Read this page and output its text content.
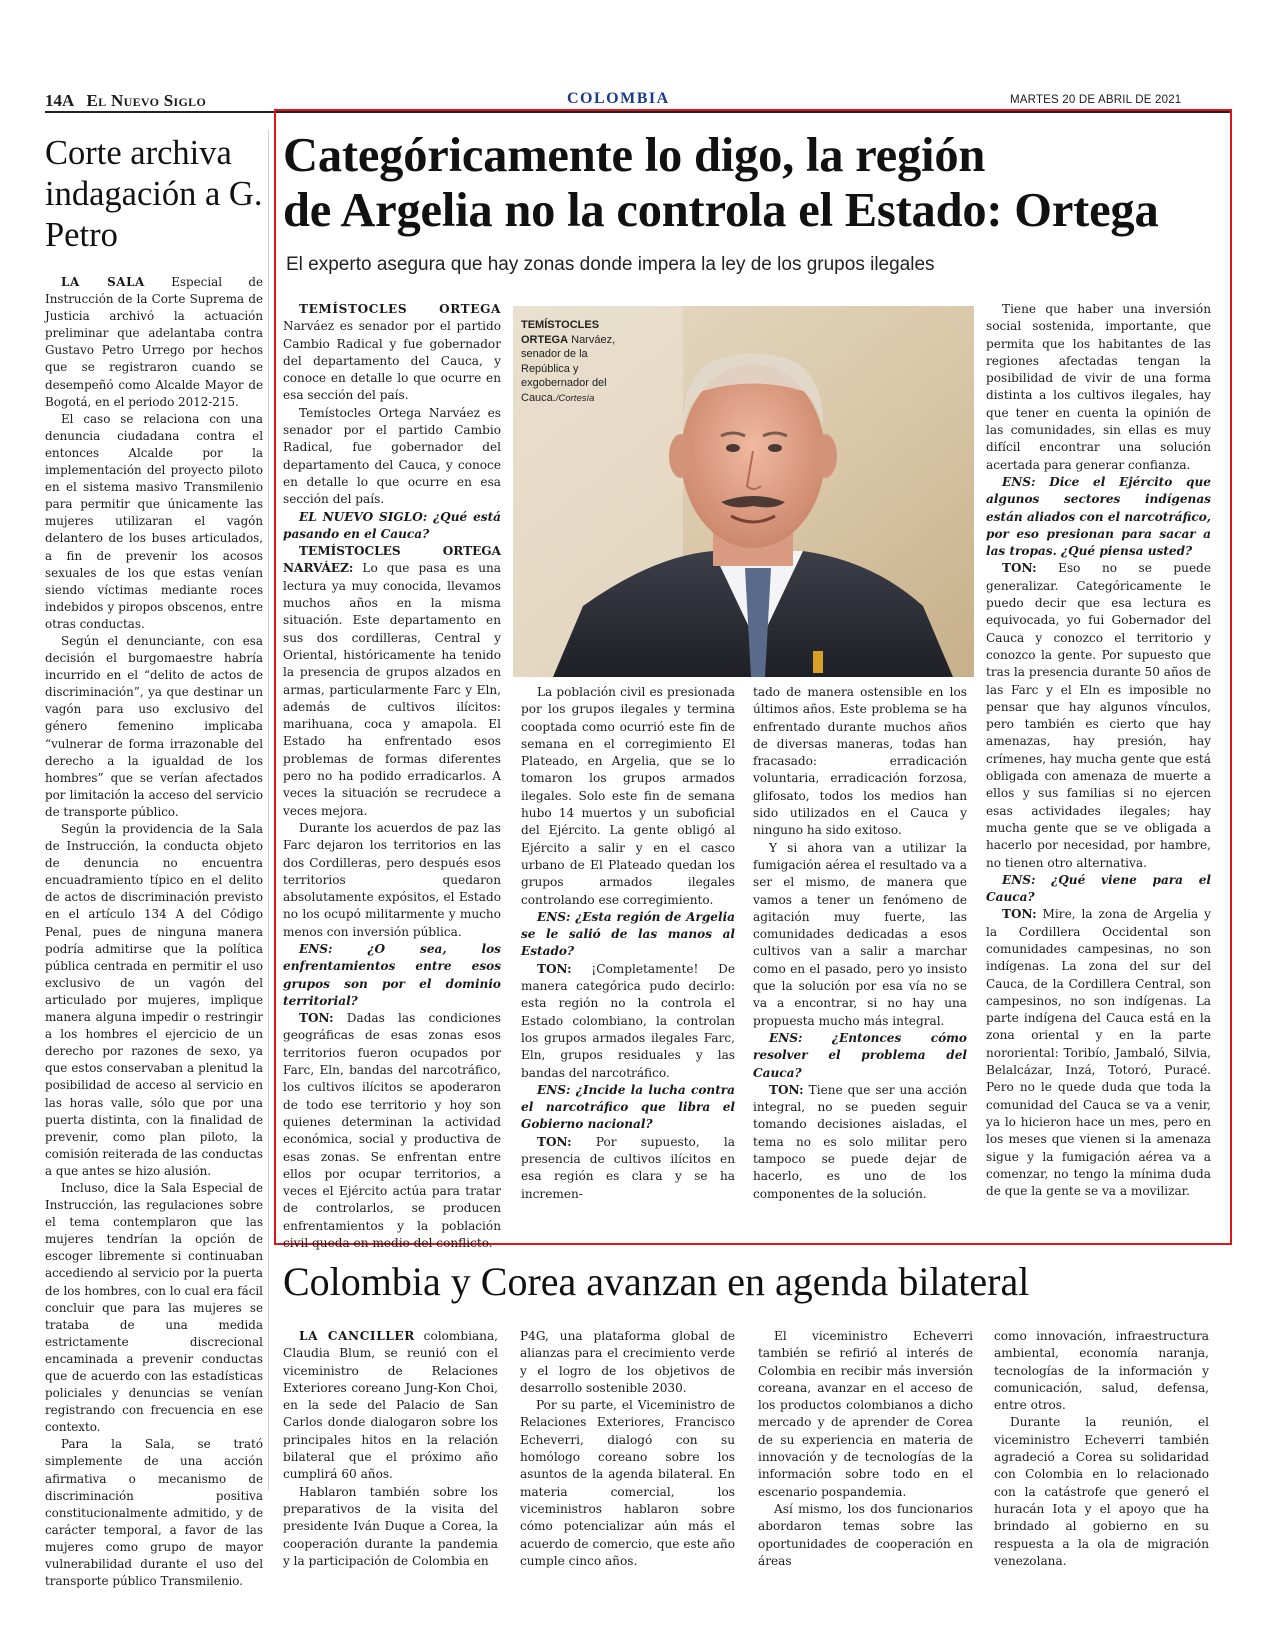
14A El Nuevo Siglo	COLOMBIA	MARTES 20 DE ABRIL DE 2021
Corte archiva indagación a G. Petro

LA SALA Especial de Instrucción de la Corte Suprema de Justicia archivó la actuación preliminar que adelantaba contra Gustavo Petro Urrego por hechos que se registraron cuando se desempeñó como Alcalde Mayor de Bogotá, en el periodo 2012-215.

El caso se relaciona con una denuncia ciudadana contra el entonces Alcalde por la implementación del proyecto piloto en el sistema masivo Transmilenio para permitir que únicamente las mujeres utilizaran el vagón delantero de los buses articulados, a fin de prevenir los acosos sexuales de los que estas venían siendo víctimas mediante roces indebidos y piropos obscenos, entre otras conductas.

Según el denunciante, con esa decisión el burgomaestre habría incurrido en el “delito de actos de discriminación”, ya que destinar un vagón para uso exclusivo del género femenino implicaba “vulnerar de forma irrazonable del derecho a la igualdad de los hombres” que se verían afectados por limitación la acceso del servicio de transporte público.

Según la providencia de la Sala de Instrucción, la conducta objeto de denuncia no encuentra encuadramiento típico en el delito de actos de discriminación previsto en el artículo 134 A del Código Penal, pues de ninguna manera podría admitirse que la política pública centrada en permitir el uso exclusivo de un vagón del articulado por mujeres, implique manera alguna impedir o restringir a los hombres el ejercicio de un derecho por razones de sexo, ya que estos conservaban a plenitud la posibilidad de acceso al servicio en las horas valle, sólo que por una puerta distinta, con la finalidad de prevenir, como plan piloto, la comisión reiterada de las conductas a que antes se hizo alusión.

Incluso, dice la Sala Especial de Instrucción, las regulaciones sobre el tema contemplaron que las mujeres tendrían la opción de escoger libremente si continuaban accediendo al servicio por la puerta de los hombres, con lo cual era fácil concluir que para las mujeres se trataba de una medida estrictamente discrecional encaminada a prevenir conductas que de acuerdo con las estadísticas policiales y denuncias se venían registrando con frecuencia en ese contexto.

Para la Sala, se trató simplemente de una acción afirmativa o mecanismo de discriminación positiva constitucionalmente admitido, y de carácter temporal, a favor de las mujeres como grupo de mayor vulnerabilidad durante el uso del transporte público Transmilenio.

Categóricamente lo digo, la región
de Argelia no la controla el Estado: Ortega
El experto asegura que hay zonas donde impera la ley de los grupos ilegales
TEMÍSTOCLES ORTEGA Narváez, senador de la República y exgobernador del Cauca./Cortesía

TEMÍSTOCLES ORTEGA Narváez es senador por el partido Cambio Radical y fue gobernador del departamento del Cauca, y conoce en detalle lo que ocurre en esa sección del país.

Temístocles Ortega Narváez es senador por el partido Cambio Radical, fue gobernador del departamento del Cauca, y conoce en detalle lo que ocurre en esa sección del país.

EL NUEVO SIGLO: ¿Qué está pasando en el Cauca?

TEMÍSTOCLES ORTEGA NARVÁEZ: Lo que pasa es una lectura ya muy conocida, llevamos muchos años en la misma situación. Este departamento en sus dos cordilleras, Central y Oriental, históricamente ha tenido la presencia de grupos alzados en armas, particularmente Farc y Eln, además de cultivos ilícitos: marihuana, coca y amapola. El Estado ha enfrentado esos problemas de formas diferentes pero no ha podido erradicarlos. A veces la situación se recrudece a veces mejora.

Durante los acuerdos de paz las Farc dejaron los territorios en las dos Cordilleras, pero después esos territorios quedaron absolutamente expósitos, el Estado no los ocupó militarmente y mucho menos con inversión pública.

ENS: ¿O sea, los enfrentamientos entre esos grupos son por el dominio territorial?

TON: Dadas las condiciones geográficas de esas zonas esos territorios fueron ocupados por Farc, Eln, bandas del narcotráfico, los cultivos ilícitos se apoderaron de todo ese territorio y hoy son quienes determinan la actividad económica, social y productiva de esas zonas. Se enfrentan entre ellos por ocupar territorios, a veces el Ejército actúa para tratar de controlarlos, se producen enfrentamientos y la población civil queda en medio del conflicto.

La población civil es presionada por los grupos ilegales y termina cooptada como ocurrió este fin de semana en el corregimiento El Plateado, en Argelia, que se lo tomaron los grupos armados ilegales. Solo este fin de semana hubo 14 muertos y un suboficial del Ejército. La gente obligó al Ejército a salir y en el casco urbano de El Plateado quedan los grupos armados ilegales controlando ese corregimiento.

ENS: ¿Esta región de Argelia se le salió de las manos al Estado?

TON: ¡Completamente! De manera categórica pudo decirlo: esta región no la controla el Estado colombiano, la controlan los grupos armados ilegales Farc, Eln, grupos residuales y las bandas del narcotráfico.

ENS: ¿Incide la lucha contra el narcotráfico que libra el Gobierno nacional?

TON: Por supuesto, la presencia de cultivos ilícitos en esa región es clara y se ha incremen-

tado de manera ostensible en los últimos años. Este problema se ha enfrentado durante muchos años de diversas maneras, todas han fracasado: erradicación voluntaria, erradicación forzosa, glifosato, todos los medios han sido utilizados en el Cauca y ninguno ha sido exitoso.

Y si ahora van a utilizar la fumigación aérea el resultado va a ser el mismo, de manera que vamos a tener un fenómeno de agitación muy fuerte, las comunidades dedicadas a esos cultivos van a salir a marchar como en el pasado, pero yo insisto que la solución por esa vía no se va a encontrar, si no hay una propuesta mucho más integral.

ENS: ¿Entonces cómo resolver el problema del Cauca?

TON: Tiene que ser una acción integral, no se pueden seguir tomando decisiones aisladas, el tema no es solo militar pero tampoco se puede dejar de hacerlo, es uno de los componentes de la solución.

Tiene que haber una inversión social sostenida, importante, que permita que los habitantes de las regiones afectadas tengan la posibilidad de vivir de una forma distinta a los cultivos ilegales, hay que tener en cuenta la opinión de las comunidades, sin ellas es muy difícil encontrar una solución acertada para generar confianza.

ENS: Dice el Ejército que algunos sectores indígenas están aliados con el narcotráfico, por eso presionan para sacar a las tropas. ¿Qué piensa usted?

TON: Eso no se puede generalizar. Categóricamente le puedo decir que esa lectura es equivocada, yo fui Gobernador del Cauca y conozco el territorio y conozco la gente. Por supuesto que tras la presencia durante 50 años de las Farc y el Eln es imposible no pensar que hay algunos vínculos, pero también es cierto que hay amenazas, hay presión, hay crímenes, hay mucha gente que está obligada con amenaza de muerte a ellos y sus familias si no ejercen esas actividades ilegales; hay mucha gente que se ve obligada a hacerlo por necesidad, por hambre, no tienen otro alternativa.

ENS: ¿Qué viene para el Cauca?

TON: Mire, la zona de Argelia y la Cordillera Occidental son comunidades campesinas, no son indígenas. La zona del sur del Cauca, de la Cordillera Central, son campesinos, no son indígenas. La parte indígena del Cauca está en la zona oriental y en la parte nororiental: Toribío, Jambaló, Silvia, Belalcázar, Inzá, Totoró, Puracé. Pero no le quede duda que toda la comunidad del Cauca se va a venir, ya lo hicieron hace un mes, pero en los meses que vienen si la amenaza sigue y la fumigación aérea va a comenzar, no tengo la mínima duda de que la gente se va a movilizar.

Colombia y Corea avanzan en agenda bilateral

LA CANCILLER colombiana, Claudia Blum, se reunió con el viceministro de Relaciones Exteriores coreano Jung-Kon Choi, en la sede del Palacio de San Carlos donde dialogaron sobre los principales hitos en la relación bilateral que el próximo año cumplirá 60 años.

Hablaron también sobre los preparativos de la visita del presidente Iván Duque a Corea, la cooperación durante la pandemia y la participación de Colombia en

P4G, una plataforma global de alianzas para el crecimiento verde y el logro de los objetivos de desarrollo sostenible 2030.

Por su parte, el Viceministro de Relaciones Exteriores, Francisco Echeverri, dialogó con su homólogo coreano sobre los asuntos de la agenda bilateral. En materia comercial, los viceministros hablaron sobre cómo potencializar aún más el acuerdo de comercio, que este año cumple cinco años.

El viceministro Echeverri también se refirió al interés de Colombia en recibir más inversión coreana, avanzar en el acceso de los productos colombianos a dicho mercado y de aprender de Corea de su experiencia en materia de innovación y de tecnologías de la información sobre todo en el escenario pospandemia.

Así mismo, los dos funcionarios abordaron temas sobre las oportunidades de cooperación en áreas

como innovación, infraestructura ambiental, economía naranja, tecnologías de la información y comunicación, salud, defensa, entre otros.

Durante la reunión, el viceministro Echeverri también agradeció a Corea su solidaridad con Colombia en lo relacionado con la catástrofe que generó el huracán Iota y el apoyo que ha brindado al gobierno en su respuesta a la ola de migración venezolana.
